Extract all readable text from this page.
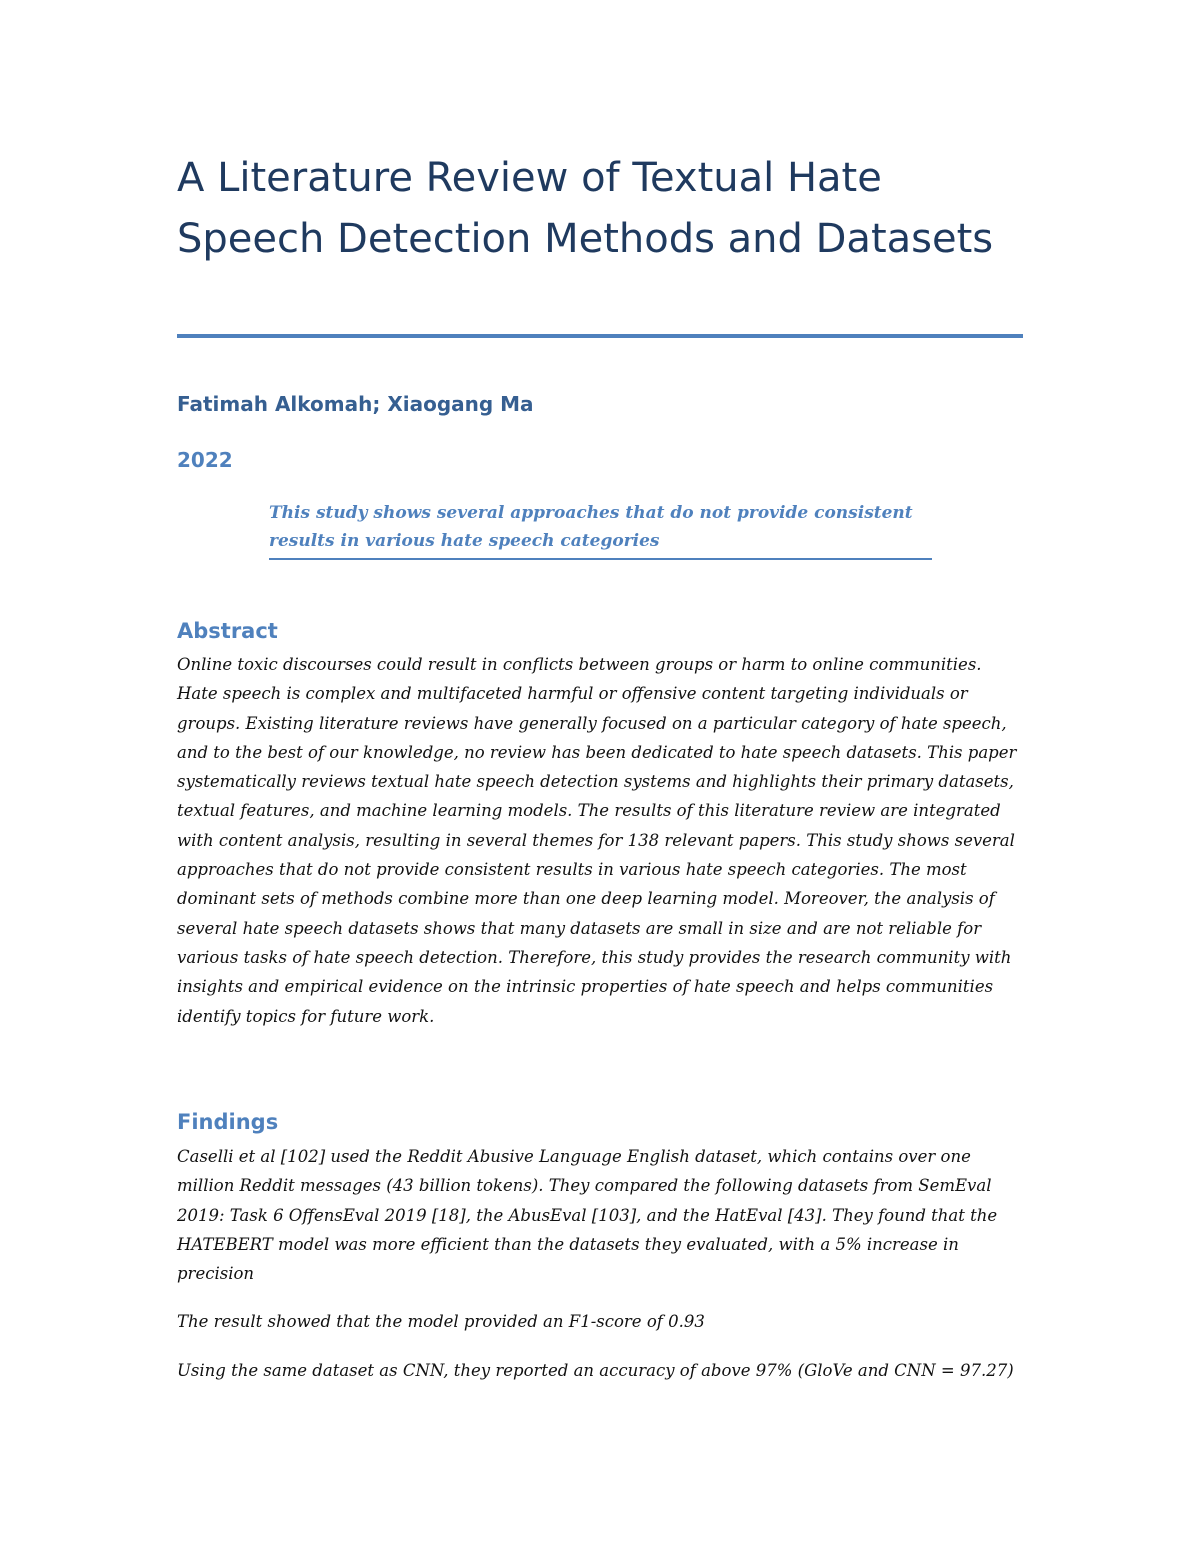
A Literature Review of Textual Hate Speech Detection Methods and Datasets
Fatimah Alkomah; Xiaogang Ma
2022
This study shows several approaches that do not provide consistent results in various hate speech categories
Abstract

Online toxic discourses could result in conflicts between groups or harm to online communities. Hate speech is complex and multifaceted harmful or offensive content targeting individuals or groups. Existing literature reviews have generally focused on a particular category of hate speech, and to the best of our knowledge, no review has been dedicated to hate speech datasets. This paper systematically reviews textual hate speech detection systems and highlights their primary datasets, textual features, and machine learning models. The results of this literature review are integrated with content analysis, resulting in several themes for 138 relevant papers. This study shows several approaches that do not provide consistent results in various hate speech categories. The most dominant sets of methods combine more than one deep learning model. Moreover, the analysis of several hate speech datasets shows that many datasets are small in size and are not reliable for various tasks of hate speech detection. Therefore, this study provides the research community with insights and empirical evidence on the intrinsic properties of hate speech and helps communities identify topics for future work.

Findings

Caselli et al [102] used the Reddit Abusive Language English dataset, which contains over one million Reddit messages (43 billion tokens). They compared the following datasets from SemEval 2019: Task 6 OffensEval 2019 [18], the AbusEval [103], and the HatEval [43]. They found that the HATEBERT model was more efficient than the datasets they evaluated, with a 5% increase in precision

The result showed that the model provided an F1-score of 0.93

Using the same dataset as CNN, they reported an accuracy of above 97% (GloVe and CNN = 97.27)
